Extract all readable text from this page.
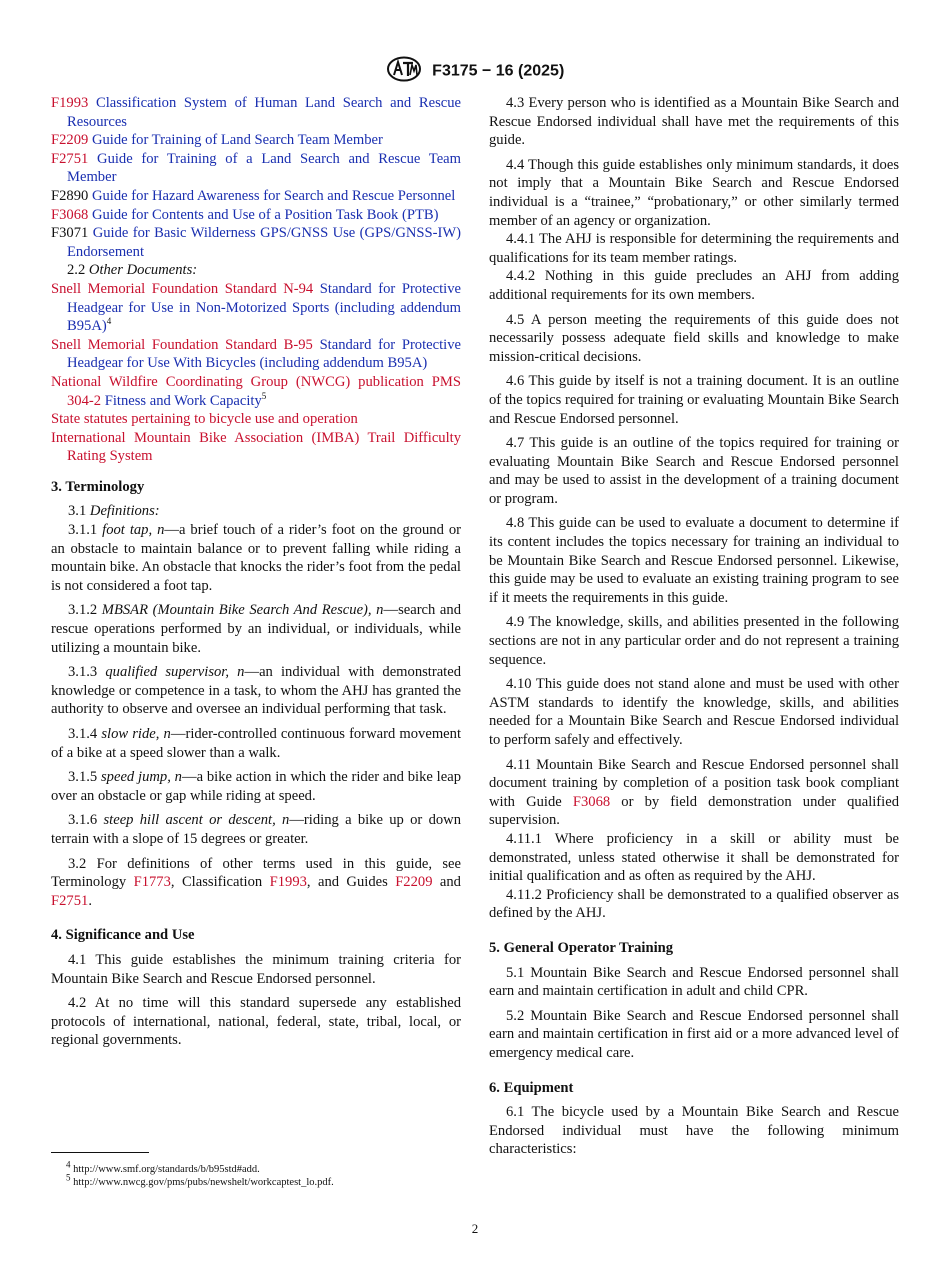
F3175 − 16 (2025)
F1993 Classification System of Human Land Search and Rescue Resources
F2209 Guide for Training of Land Search Team Member
F2751 Guide for Training of a Land Search and Rescue Team Member
F2890 Guide for Hazard Awareness for Search and Rescue Personnel
F3068 Guide for Contents and Use of a Position Task Book (PTB)
F3071 Guide for Basic Wilderness GPS/GNSS Use (GPS/GNSS-IW) Endorsement
2.2 Other Documents:
Snell Memorial Foundation Standard N-94 Standard for Protective Headgear for Use in Non-Motorized Sports (including addendum B95A)$^4$
Snell Memorial Foundation Standard B-95 Standard for Protective Headgear for Use With Bicycles (including addendum B95A)
National Wildfire Coordinating Group (NWCG) publication PMS 304-2 Fitness and Work Capacity$^5$
State statutes pertaining to bicycle use and operation
International Mountain Bike Association (IMBA) Trail Difficulty Rating System
3. Terminology

3.1 Definitions:

3.1.1 foot tap, n—a brief touch of a rider’s foot on the ground or an obstacle to maintain balance or to prevent falling while riding a mountain bike. An obstacle that knocks the rider’s foot from the pedal is not considered a foot tap.

3.1.2 MBSAR (Mountain Bike Search And Rescue), n—search and rescue operations performed by an individual, or individuals, while utilizing a mountain bike.

3.1.3 qualified supervisor, n—an individual with demonstrated knowledge or competence in a task, to whom the AHJ has granted the authority to observe and oversee an individual performing that task.

3.1.4 slow ride, n—rider-controlled continuous forward movement of a bike at a speed slower than a walk.

3.1.5 speed jump, n—a bike action in which the rider and bike leap over an obstacle or gap while riding at speed.

3.1.6 steep hill ascent or descent, n—riding a bike up or down terrain with a slope of 15 degrees or greater.

3.2 For definitions of other terms used in this guide, see Terminology F1773, Classification F1993, and Guides F2209 and F2751.

4. Significance and Use

4.1 This guide establishes the minimum training criteria for Mountain Bike Search and Rescue Endorsed personnel.

4.2 At no time will this standard supersede any established protocols of international, national, federal, state, tribal, local, or regional governments.

4.3 Every person who is identified as a Mountain Bike Search and Rescue Endorsed individual shall have met the requirements of this guide.

4.4 Though this guide establishes only minimum standards, it does not imply that a Mountain Bike Search and Rescue Endorsed individual is a “trainee,” “probationary,” or other similarly termed member of an agency or organization.

4.4.1 The AHJ is responsible for determining the requirements and qualifications for its team member ratings.

4.4.2 Nothing in this guide precludes an AHJ from adding additional requirements for its own members.

4.5 A person meeting the requirements of this guide does not necessarily possess adequate field skills and knowledge to make mission-critical decisions.

4.6 This guide by itself is not a training document. It is an outline of the topics required for training or evaluating Mountain Bike Search and Rescue Endorsed personnel.

4.7 This guide is an outline of the topics required for training or evaluating Mountain Bike Search and Rescue Endorsed personnel and may be used to assist in the development of a training document or program.

4.8 This guide can be used to evaluate a document to determine if its content includes the topics necessary for training an individual to be Mountain Bike Search and Rescue Endorsed personnel. Likewise, this guide may be used to evaluate an existing training program to see if it meets the requirements in this guide.

4.9 The knowledge, skills, and abilities presented in the following sections are not in any particular order and do not represent a training sequence.

4.10 This guide does not stand alone and must be used with other ASTM standards to identify the knowledge, skills, and abilities needed for a Mountain Bike Search and Rescue Endorsed individual to perform safely and effectively.

4.11 Mountain Bike Search and Rescue Endorsed personnel shall document training by completion of a position task book compliant with Guide F3068 or by field demonstration under qualified supervision.

4.11.1 Where proficiency in a skill or ability must be demonstrated, unless stated otherwise it shall be demonstrated for initial qualification and as often as required by the AHJ.

4.11.2 Proficiency shall be demonstrated to a qualified observer as defined by the AHJ.

5. General Operator Training

5.1 Mountain Bike Search and Rescue Endorsed personnel shall earn and maintain certification in adult and child CPR.

5.2 Mountain Bike Search and Rescue Endorsed personnel shall earn and maintain certification in first aid or a more advanced level of emergency medical care.

6. Equipment

6.1 The bicycle used by a Mountain Bike Search and Rescue Endorsed individual must have the following minimum characteristics:

4 http://www.smf.org/standards/b/b95std#add.
5 http://www.nwcg.gov/pms/pubs/newshelt/workcaptest_lo.pdf.
2
